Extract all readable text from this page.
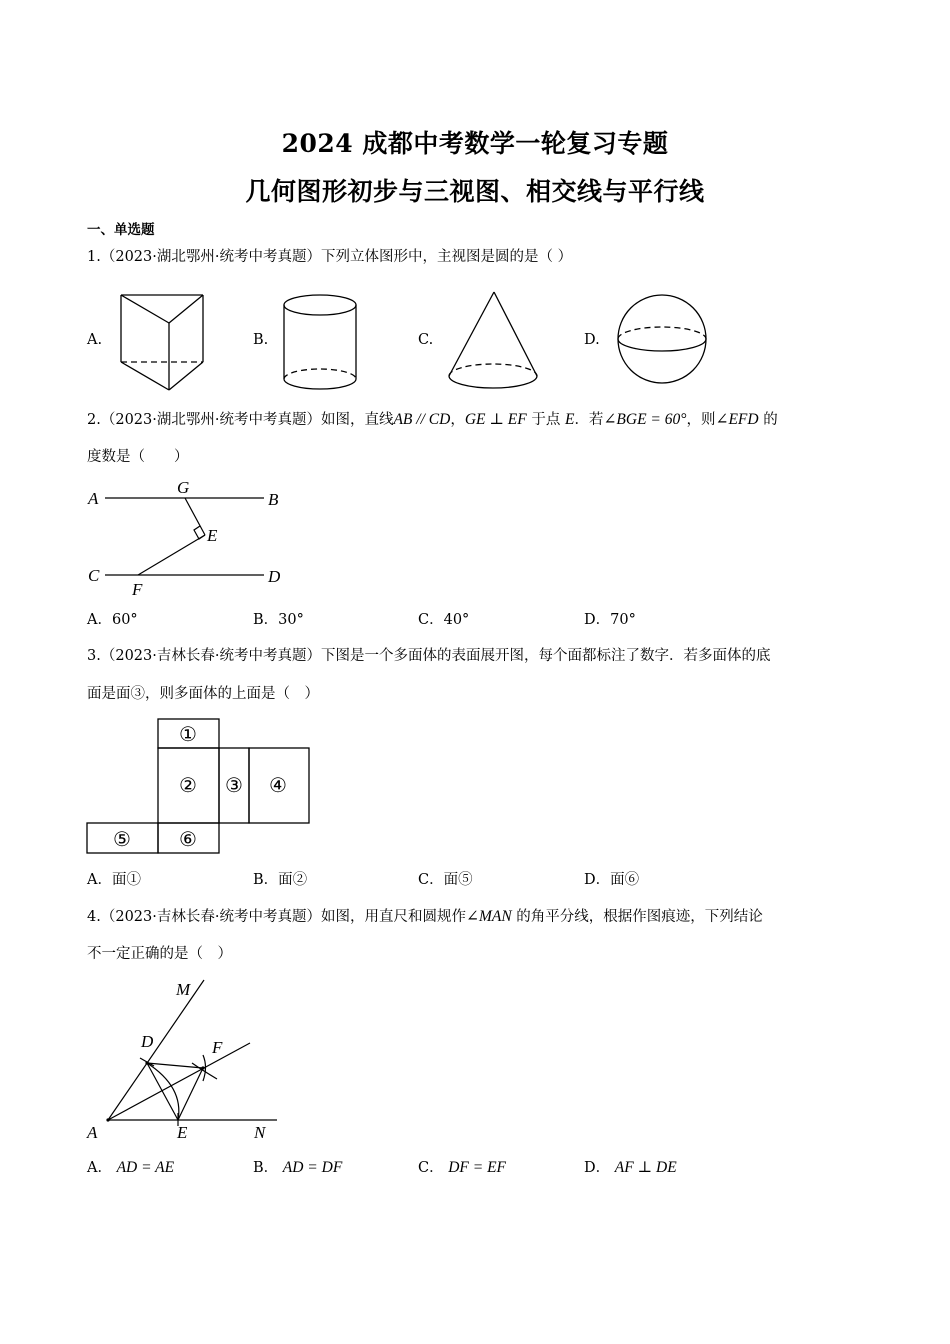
2024 成都中考数学一轮复习专题
几何图形初步与三视图、相交线与平行线
一、单选题
1.（2023·湖北鄂州·统考中考真题）下列立体图形中，主视图是圆的是（ ）
A.	B.	C.	D.
2.（2023·湖北鄂州·统考中考真题）如图，直线AB // CD，GE ⊥ EF 于点 E．若∠BGE = 60°，则∠EFD 的
度数是（　　）
A	B
G
E
C	D
F
A．60°	B．30°	C．40°	D．70°
3.（2023·吉林长春·统考中考真题）下图是一个多面体的表面展开图，每个面都标注了数字．若多面体的底
面是面③，则多面体的上面是（　）
①
② ③ ④
⑤ ⑥
A．面①	B．面②	C．面⑤	D．面⑥
4.（2023·吉林长春·统考中考真题）如图，用直尺和圆规作∠MAN 的角平分线，根据作图痕迹，下列结论
不一定正确的是（　）
M
D	F
A	E	N
A． AD = AE	B． AD = DF	C． DF = EF	D． AF ⊥ DE
